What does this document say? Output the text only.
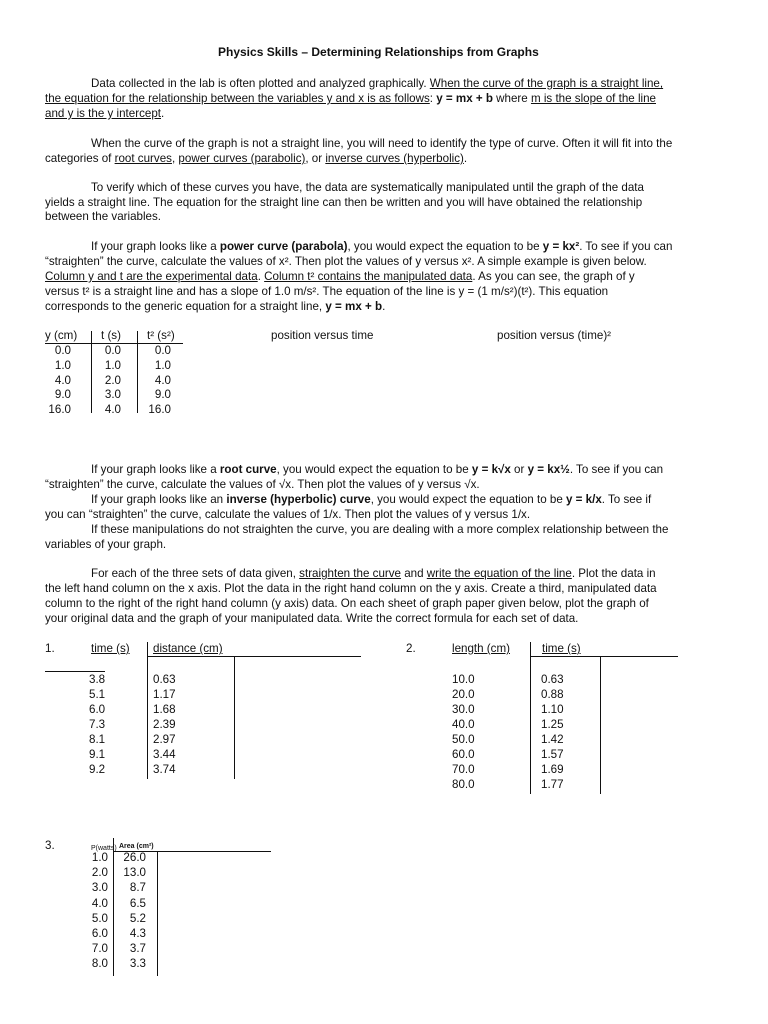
Physics Skills – Determining Relationships from Graphs
Data collected in the lab is often plotted and analyzed graphically. When the curve of the graph is a straight line,
the equation for the relationship between the variables y and x is as follows: y = mx + b where m is the slope of the line
and y is the y intercept.
When the curve of the graph is not a straight line, you will need to identify the type of curve. Often it will fit into the
categories of root curves, power curves (parabolic), or inverse curves (hyperbolic).
To verify which of these curves you have, the data are systematically manipulated until the graph of the data
yields a straight line. The equation for the straight line can then be written and you will have obtained the relationship
between the variables.
If your graph looks like a power curve (parabola), you would expect the equation to be y = kx². To see if you can
“straighten” the curve, calculate the values of x². Then plot the values of y versus x². A simple example is given below.
Column y and t are the experimental data. Column t² contains the manipulated data. As you can see, the graph of y
versus t² is a straight line and has a slope of 1.0 m/s². The equation of the line is y = (1 m/s²)(t²). This equation
corresponds to the generic equation for a straight line, y = mx + b.
y (cm) t (s) t² (s²)
0.0	0.0	0.0
1.0	1.0	1.0
4.0	2.0	4.0
9.0	3.0	9.0
16.0	4.0	16.0
position versus time	position versus (time)²
If your graph looks like a root curve, you would expect the equation to be y = k√x or y = kx½. To see if you can
“straighten” the curve, calculate the values of √x. Then plot the values of y versus √x.
If your graph looks like an inverse (hyperbolic) curve, you would expect the equation to be y = k/x. To see if
you can “straighten” the curve, calculate the values of 1/x. Then plot the values of y versus 1/x.
If these manipulations do not straighten the curve, you are dealing with a more complex relationship between the
variables of your graph.
For each of the three sets of data given, straighten the curve and write the equation of the line. Plot the data in
the left hand column on the x axis. Plot the data in the right hand column on the y axis. Create a third, manipulated data
column to the right of the right hand column (y axis) data. On each sheet of graph paper given below, plot the graph of
your original data and the graph of your manipulated data. Write the correct formula for each set of data.
1.	time (s) distance (cm)
3.8	0.63
5.1	1.17
6.0	1.68
7.3	2.39
8.1	2.97
9.1	3.44
9.2	3.74
2.	length (cm)	time (s)
10.0	0.63
20.0	0.88
30.0	1.10
40.0	1.25
50.0	1.42
60.0	1.57
70.0	1.69
80.0	1.77
3.	P(watts) Area (cm²)
1.0	26.0
2.0	13.0
3.0	8.7
4.0	6.5
5.0	5.2
6.0	4.3
7.0	3.7
8.0	3.3
